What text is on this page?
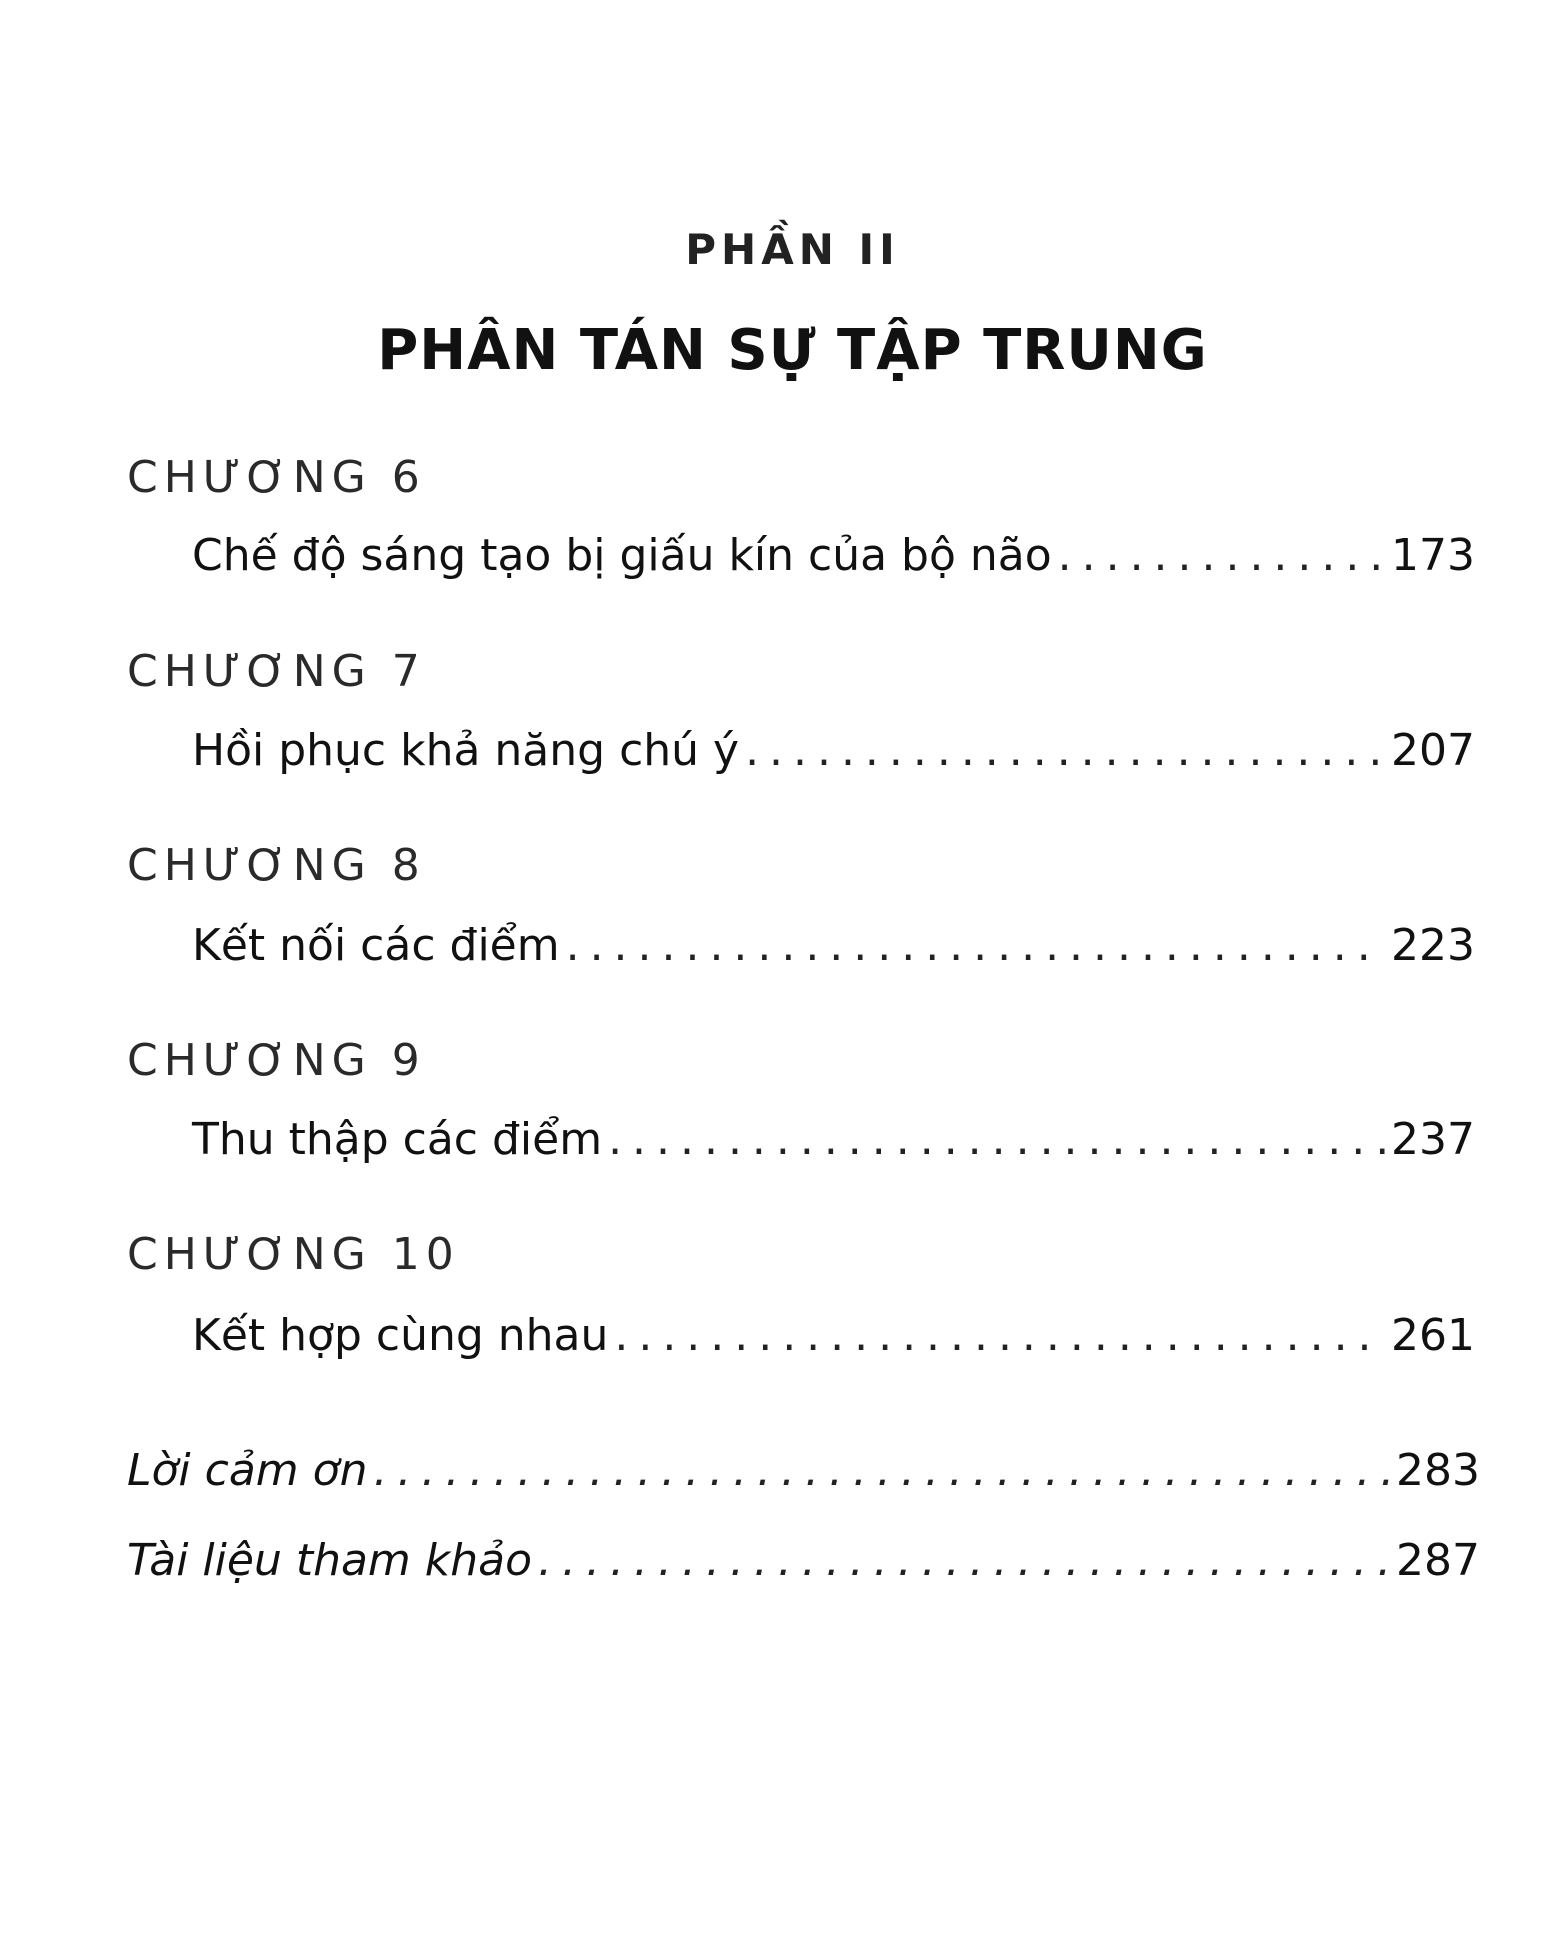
PHẦN II
PHÂN TÁN SỰ TẬP TRUNG
CHƯƠNG 6
Chế độ sáng tạo bị giấu kín của bộ não . . .	173
CHƯƠNG 7
Hồi phục khả năng chú ý . . .	207
CHƯƠNG 8
Kết nối các điểm . . .	223
CHƯƠNG 9
Thu thập các điểm . . .	237
CHƯƠNG 10
Kết hợp cùng nhau . . .	261
Lời cảm ơn . . .	283
Tài liệu tham khảo . . .	287
